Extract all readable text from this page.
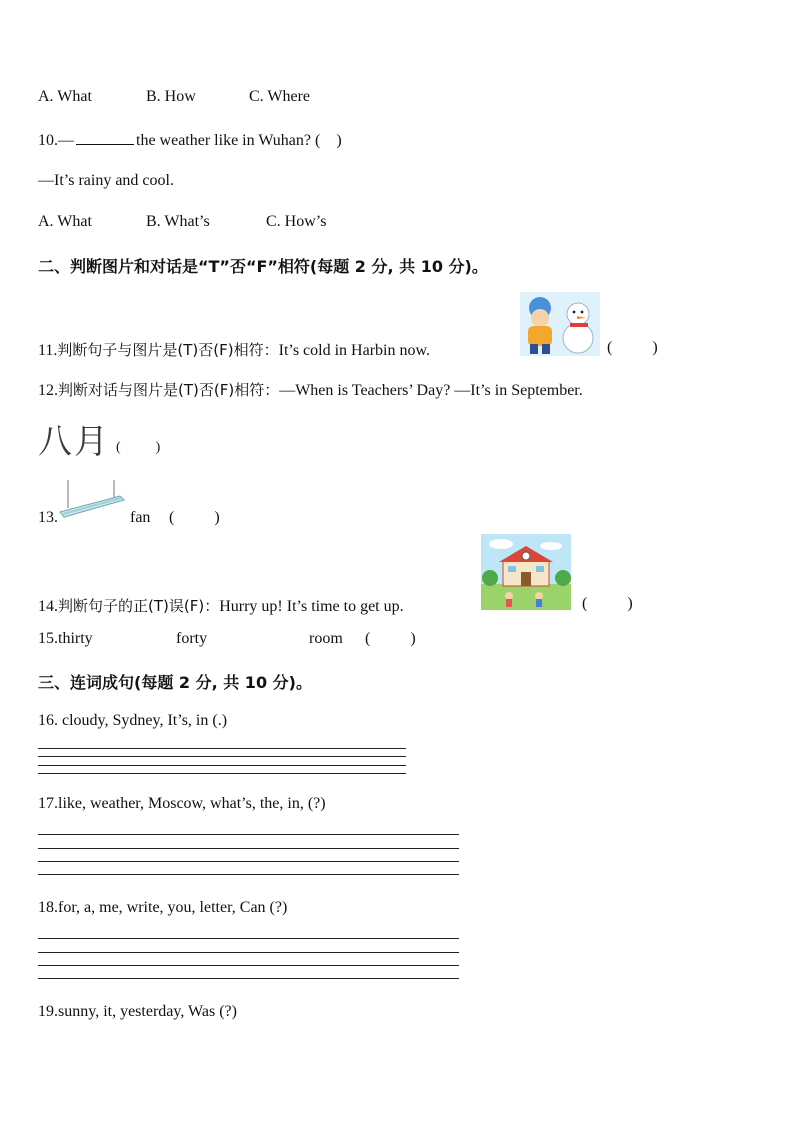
A. What	B. How	C. Where
10.—	the weather like in Wuhan? ( )
—It’s rainy and cool.
A. What	B. What’s	C. How’s
二、判断图片和对话是“T”否“F”相符(每题 2 分, 共 10 分)。
11.判断句子与图片是(T)否(F)相符：It’s cold in Harbin now.	(          )
12.判断对话与图片是(T)否(F)相符：—When is Teachers’ Day? —It’s in September.
八月 (          )
13.	fan (          )
14.判断句子的正(T)误(F)：Hurry up! It’s time to get up.	(          )
15.thirty	forty	room (          )
三、连词成句(每题 2 分, 共 10 分)。
16. cloudy, Sydney, It’s, in (.)
17.like, weather, Moscow, what’s, the, in, (?)
18.for, a, me, write, you, letter, Can (?)
19.sunny, it, yesterday, Was (?)
